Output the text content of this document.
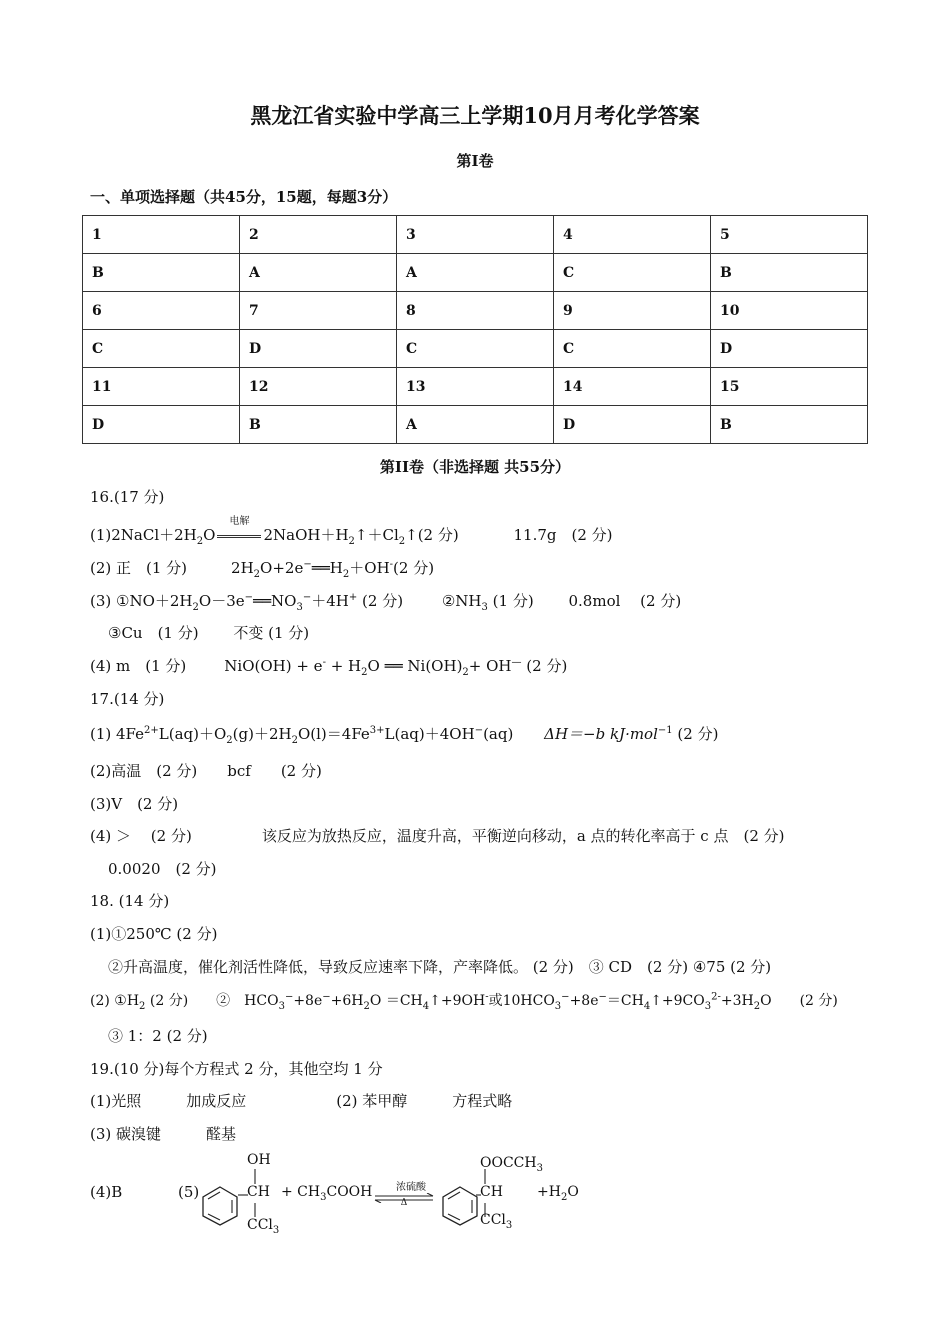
黑龙江省实验中学高三上学期10月月考化学答案
第I卷
一、单项选择题（共45分，15题，每题3分）
1	2	3	4	5
B	A	A	C	B
6	7	8	9	10
C	D	C	C	D
11	12	13	14	15
D	B	A	D	B
第II卷（非选择题 共55分）
16.(17 分)
$(1)2NaCl+2H_2O$
电解
$2NaOH+H_2↑+Cl_2↑(2$ 分)	11.7g　(2 分)
(2) 正　(1 分)	$2H_2O+2e^-══H_2+OH^-(2$ 分)
(3) $①NO+2H_2O-3e^-══NO_3^-+4H^+$ (2 分)	$②NH_3$ (1 分) 0.8mol　 (2 分)
③Cu　(1 分)　　 不变 (1 分)
(4) m　(1 分)	$NiO(OH) + e^- + H_2O$ ══ $Ni(OH)_2+ OH^—$ (2 分)
17.(14 分)
(1) $4Fe^{2+}L(aq)+O_2(g)+2H_2O(l)=4Fe^{3+}L(aq)+4OH^-(aq)$ ΔH＝−b kJ·mol$^{-1}$ (2 分)
(2)高温　(2 分)　　bcf　　(2 分)
(3)V　(2 分)
(4) ＞　 (2 分)	该反应为放热反应，温度升高，平衡逆向移动，a 点的转化率高于 c 点　(2 分)
0.0020　(2 分)
18. (14 分)
(1)①250℃ (2 分)
②升高温度，催化剂活性降低，导致反应速率下降，产率降低。 (2 分)　③ CD　(2 分) ④75 (2 分)
(2) $①H_2$ (2 分)　　②　$HCO_3^-+8e^-+6H_2O$ $=CH_4↑+9OH^-$或$10HCO_3^-+8e^-=CH_4↑+9CO_3^{2-}+3H_2O$　　(2 分)
③ 1：2 (2 分)
19.(10 分)每个方程式 2 分，其他空均 1 分
(1)光照　　　加成反应　　　　　　(2) 苯甲醇　　　方程式略
(3) 碳溴键　　　醛基
(4)B	(5)
OH
CH
CCl$_3$
+ $CH_3COOH$	浓硫酸
Δ
$OOCCH_3$
CH
CCl$_3$
$+H_2O$
